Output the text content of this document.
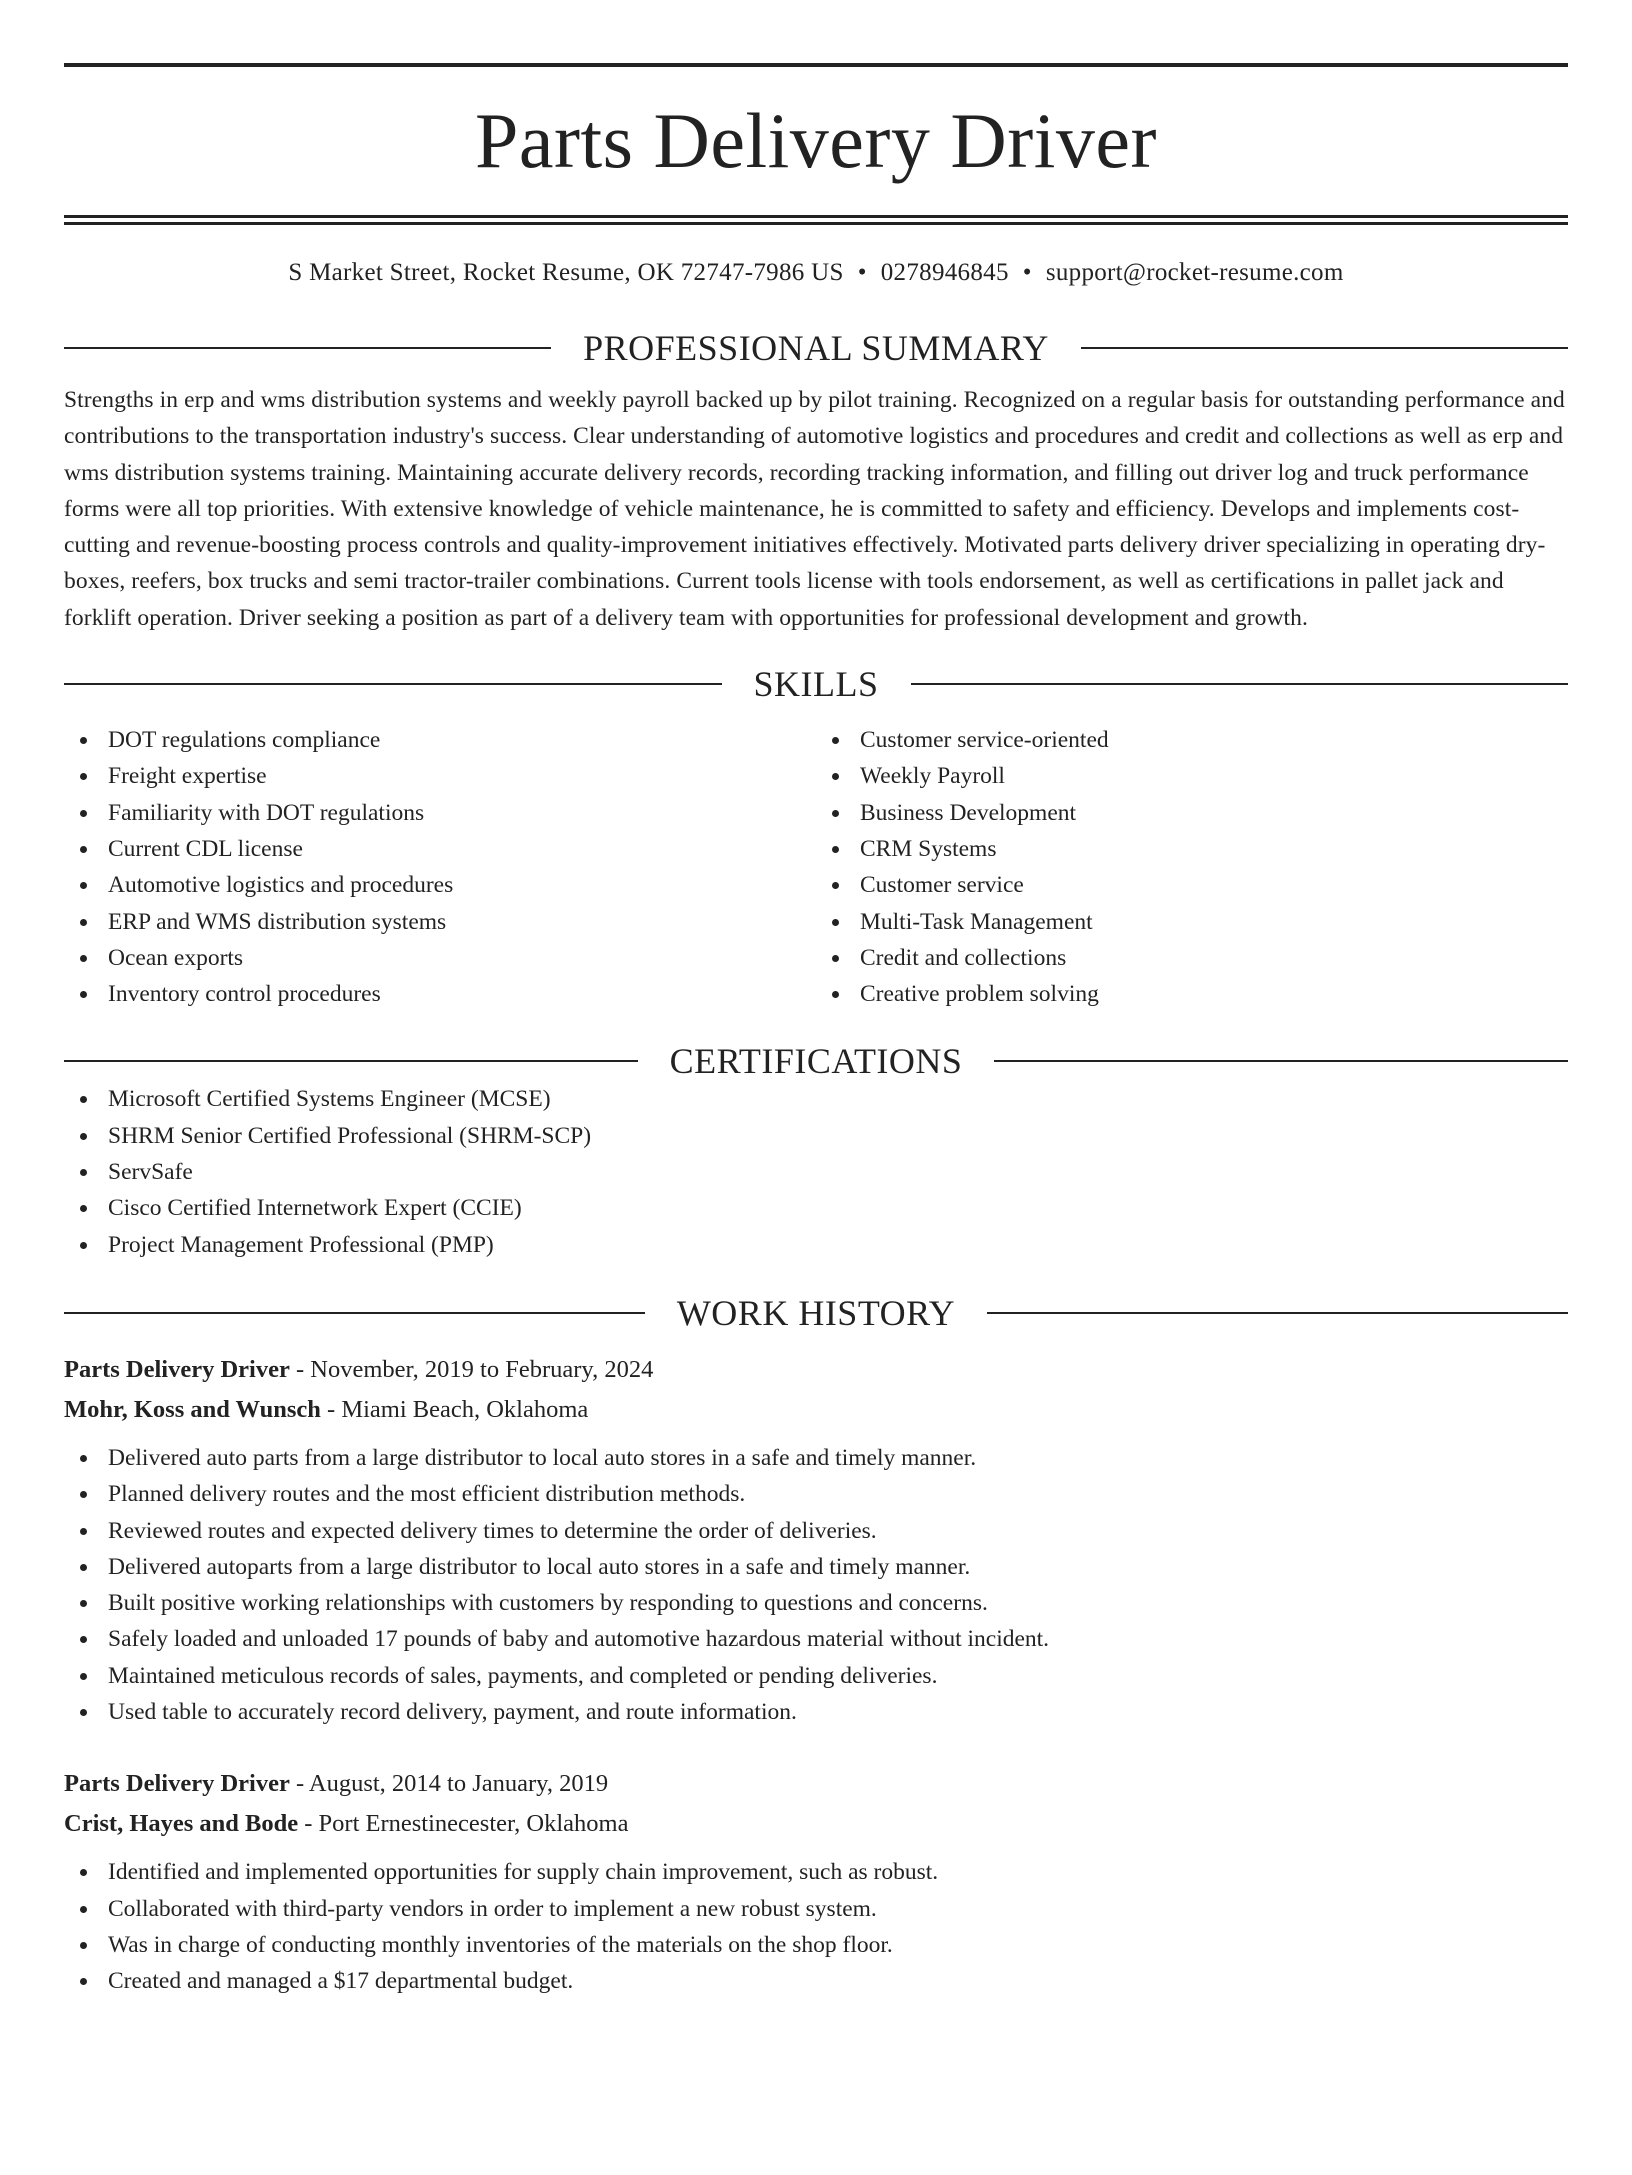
Parts Delivery Driver
S Market Street, Rocket Resume, OK 72747-7986 US • 0278946845 • support@rocket-resume.com
PROFESSIONAL SUMMARY

Strengths in erp and wms distribution systems and weekly payroll backed up by pilot training. Recognized on a regular basis for outstanding performance and contributions to the transportation industry's success. Clear understanding of automotive logistics and procedures and credit and collections as well as erp and wms distribution systems training. Maintaining accurate delivery records, recording tracking information, and filling out driver log and truck performance forms were all top priorities. With extensive knowledge of vehicle maintenance, he is committed to safety and efficiency. Develops and implements cost-cutting and revenue-boosting process controls and quality-improvement initiatives effectively. Motivated parts delivery driver specializing in operating dry-boxes, reefers, box trucks and semi tractor-trailer combinations. Current tools license with tools endorsement, as well as certifications in pallet jack and forklift operation. Driver seeking a position as part of a delivery team with opportunities for professional development and growth.

SKILLS
DOT regulations compliance
Freight expertise
Familiarity with DOT regulations
Current CDL license
Automotive logistics and procedures
ERP and WMS distribution systems
Ocean exports
Inventory control procedures
Customer service-oriented
Weekly Payroll
Business Development
CRM Systems
Customer service
Multi-Task Management
Credit and collections
Creative problem solving
CERTIFICATIONS
Microsoft Certified Systems Engineer (MCSE)
SHRM Senior Certified Professional (SHRM-SCP)
ServSafe
Cisco Certified Internetwork Expert (CCIE)
Project Management Professional (PMP)
WORK HISTORY
Parts Delivery Driver - November, 2019 to February, 2024
Mohr, Koss and Wunsch - Miami Beach, Oklahoma
Delivered auto parts from a large distributor to local auto stores in a safe and timely manner.
Planned delivery routes and the most efficient distribution methods.
Reviewed routes and expected delivery times to determine the order of deliveries.
Delivered autoparts from a large distributor to local auto stores in a safe and timely manner.
Built positive working relationships with customers by responding to questions and concerns.
Safely loaded and unloaded 17 pounds of baby and automotive hazardous material without incident.
Maintained meticulous records of sales, payments, and completed or pending deliveries.
Used table to accurately record delivery, payment, and route information.
Parts Delivery Driver - August, 2014 to January, 2019
Crist, Hayes and Bode - Port Ernestinecester, Oklahoma
Identified and implemented opportunities for supply chain improvement, such as robust.
Collaborated with third-party vendors in order to implement a new robust system.
Was in charge of conducting monthly inventories of the materials on the shop floor.
Created and managed a $17 departmental budget.
